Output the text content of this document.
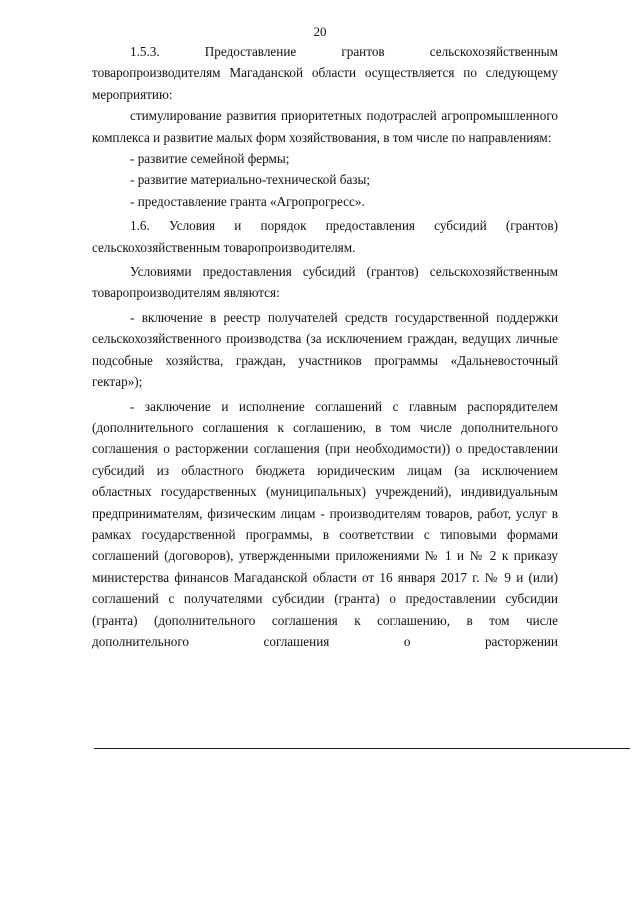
20

1.5.3. Предоставление грантов сельскохозяйственным товаропроизводителям Магаданской области осуществляется по следующему мероприятию:

стимулирование развития приоритетных подотраслей агропромышленного комплекса и развитие малых форм хозяйствования, в том числе по направлениям:

- развитие семейной фермы;

- развитие материально-технической базы;

- предоставление гранта «Агропрогресс».

1.6. Условия и порядок предоставления субсидий (грантов) сельскохозяйственным товаропроизводителям.

Условиями предоставления субсидий (грантов) сельскохозяйственным товаропроизводителям являются:

- включение в реестр получателей средств государственной поддержки сельскохозяйственного производства (за исключением граждан, ведущих личные подсобные хозяйства, граждан, участников программы «Дальневосточный гектар»);

- заключение и исполнение соглашений с главным распорядителем (дополнительного соглашения к соглашению, в том числе дополнительного соглашения о расторжении соглашения (при необходимости)) о предоставлении субсидий из областного бюджета юридическим лицам (за исключением областных государственных (муниципальных) учреждений), индивидуальным предпринимателям, физическим лицам - производителям товаров, работ, услуг в рамках государственной программы, в соответствии с типовыми формами соглашений (договоров), утвержденными приложениями № 1 и № 2 к приказу министерства финансов Магаданской области от 16 января 2017 г. № 9 и (или) соглашений с получателями субсидии (гранта) о предоставлении субсидии (гранта) (дополнительного соглашения к соглашению, в том числе дополнительного соглашения о расторжении
